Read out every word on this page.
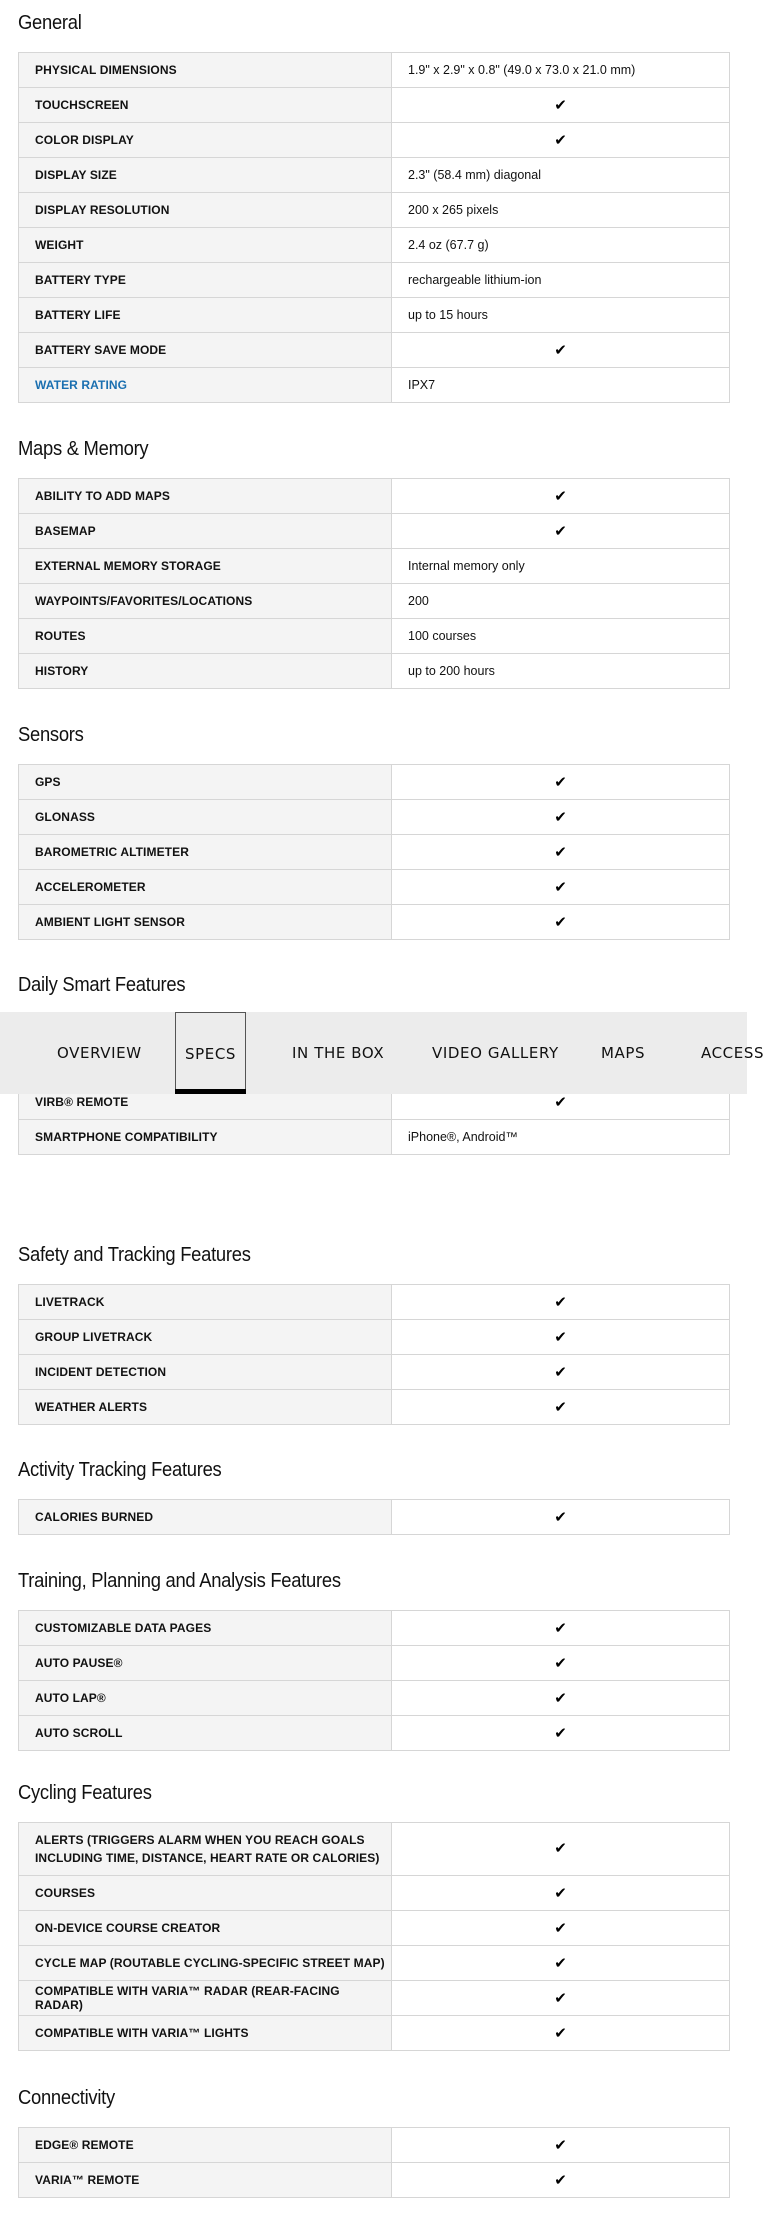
General
PHYSICAL DIMENSIONS	1.9" x 2.9" x 0.8" (49.0 x 73.0 x 21.0 mm)
TOUCHSCREEN	✔
COLOR DISPLAY	✔
DISPLAY SIZE	2.3" (58.4 mm) diagonal
DISPLAY RESOLUTION	200 x 265 pixels
WEIGHT	2.4 oz (67.7 g)
BATTERY TYPE	rechargeable lithium-ion
BATTERY LIFE	up to 15 hours
BATTERY SAVE MODE	✔
WATER RATING	IPX7
Maps & Memory
ABILITY TO ADD MAPS	✔
BASEMAP	✔
EXTERNAL MEMORY STORAGE	Internal memory only
WAYPOINTS/FAVORITES/LOCATIONS	200
ROUTES	100 courses
HISTORY	up to 200 hours
Sensors
GPS	✔
GLONASS	✔
BAROMETRIC ALTIMETER	✔
ACCELEROMETER	✔
AMBIENT LIGHT SENSOR	✔
Daily Smart Features

VIRB® REMOTE	✔
SMARTPHONE COMPATIBILITY	iPhone®, Android™
Safety and Tracking Features
LIVETRACK	✔
GROUP LIVETRACK	✔
INCIDENT DETECTION	✔
WEATHER ALERTS	✔
Activity Tracking Features
CALORIES BURNED	✔
Training, Planning and Analysis Features
CUSTOMIZABLE DATA PAGES	✔
AUTO PAUSE®	✔
AUTO LAP®	✔
AUTO SCROLL	✔
Cycling Features
ALERTS (TRIGGERS ALARM WHEN YOU REACH GOALS INCLUDING TIME, DISTANCE, HEART RATE OR CALORIES)	✔
COURSES	✔
ON-DEVICE COURSE CREATOR	✔
CYCLE MAP (ROUTABLE CYCLING-SPECIFIC STREET MAP)	✔
COMPATIBLE WITH VARIA™ RADAR (REAR-FACING RADAR)	✔
COMPATIBLE WITH VARIA™ LIGHTS	✔
Connectivity
EDGE® REMOTE	✔
VARIA™ REMOTE	✔
OVERVIEW	SPECS	IN THE BOX	VIDEO GALLERY	MAPS	ACCESS
